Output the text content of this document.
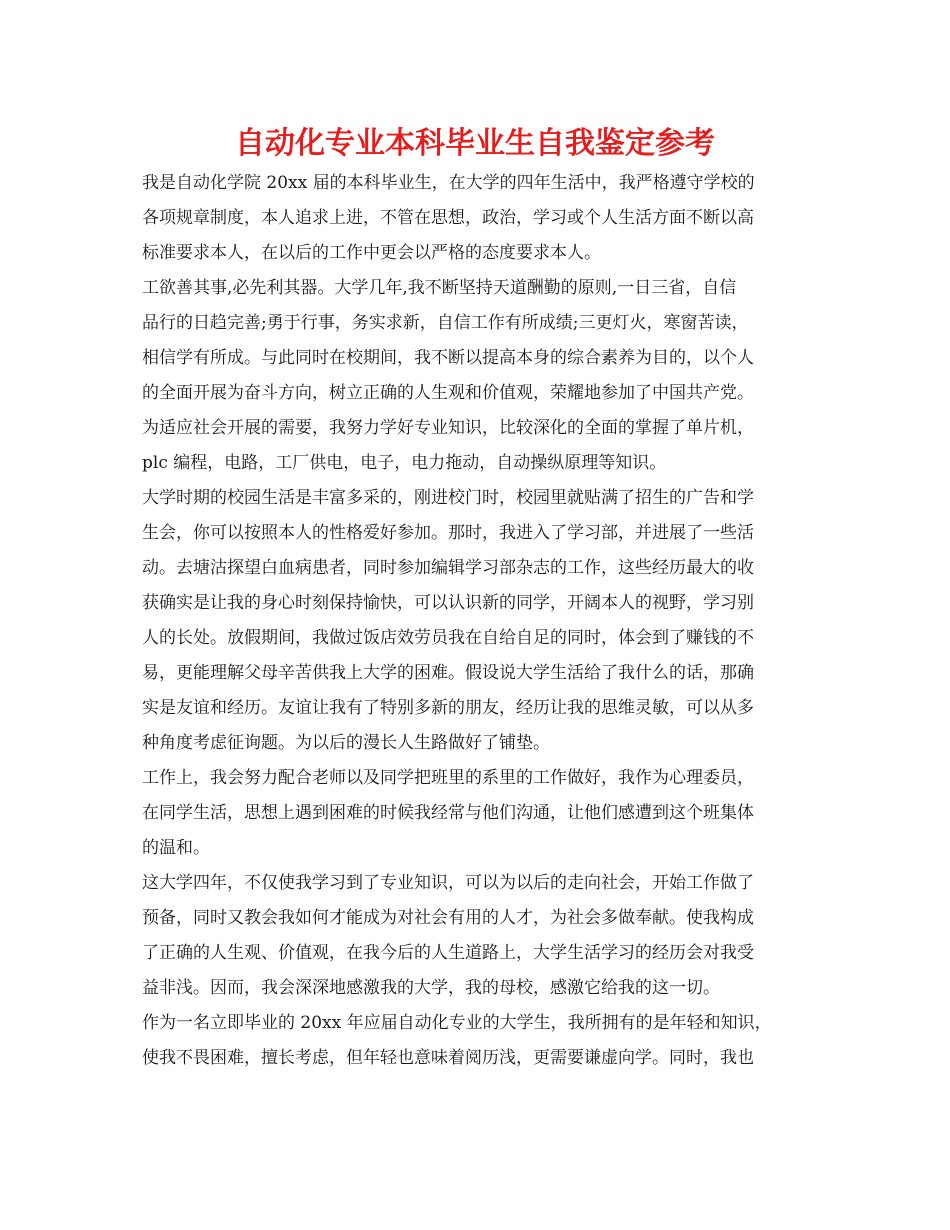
自动化专业本科毕业生自我鉴定参考
我是自动化学院 20xx 届的本科毕业生，在大学的四年生活中，我严格遵守学校的
各项规章制度，本人追求上进，不管在思想，政治，学习或个人生活方面不断以高
标准要求本人，在以后的工作中更会以严格的态度要求本人。
工欲善其事,必先利其器。大学几年,我不断坚持天道酬勤的原则,一日三省，自信
品行的日趋完善;勇于行事，务实求新，自信工作有所成绩;三更灯火，寒窗苦读，
相信学有所成。与此同时在校期间，我不断以提高本身的综合素养为目的，以个人
的全面开展为奋斗方向，树立正确的人生观和价值观，荣耀地参加了中国共产党。
为适应社会开展的需要，我努力学好专业知识，比较深化的全面的掌握了单片机，
plc 编程，电路，工厂供电，电子，电力拖动，自动操纵原理等知识。
大学时期的校园生活是丰富多采的，刚进校门时，校园里就贴满了招生的广告和学
生会，你可以按照本人的性格爱好参加。那时，我进入了学习部，并进展了一些活
动。去塘沽探望白血病患者，同时参加编辑学习部杂志的工作，这些经历最大的收
获确实是让我的身心时刻保持愉快，可以认识新的同学，开阔本人的视野，学习别
人的长处。放假期间，我做过饭店效劳员我在自给自足的同时，体会到了赚钱的不
易，更能理解父母辛苦供我上大学的困难。假设说大学生活给了我什么的话，那确
实是友谊和经历。友谊让我有了特别多新的朋友，经历让我的思维灵敏，可以从多
种角度考虑征询题。为以后的漫长人生路做好了铺垫。
工作上，我会努力配合老师以及同学把班里的系里的工作做好，我作为心理委员，
在同学生活，思想上遇到困难的时候我经常与他们沟通，让他们感遭到这个班集体
的温和。
这大学四年，不仅使我学习到了专业知识，可以为以后的走向社会，开始工作做了
预备，同时又教会我如何才能成为对社会有用的人才，为社会多做奉献。使我构成
了正确的人生观、价值观，在我今后的人生道路上，大学生活学习的经历会对我受
益非浅。因而，我会深深地感激我的大学，我的母校，感激它给我的这一切。
作为一名立即毕业的 20xx 年应届自动化专业的大学生，我所拥有的是年轻和知识，
使我不畏困难，擅长考虑，但年轻也意味着阅历浅，更需要谦虚向学。同时，我也
